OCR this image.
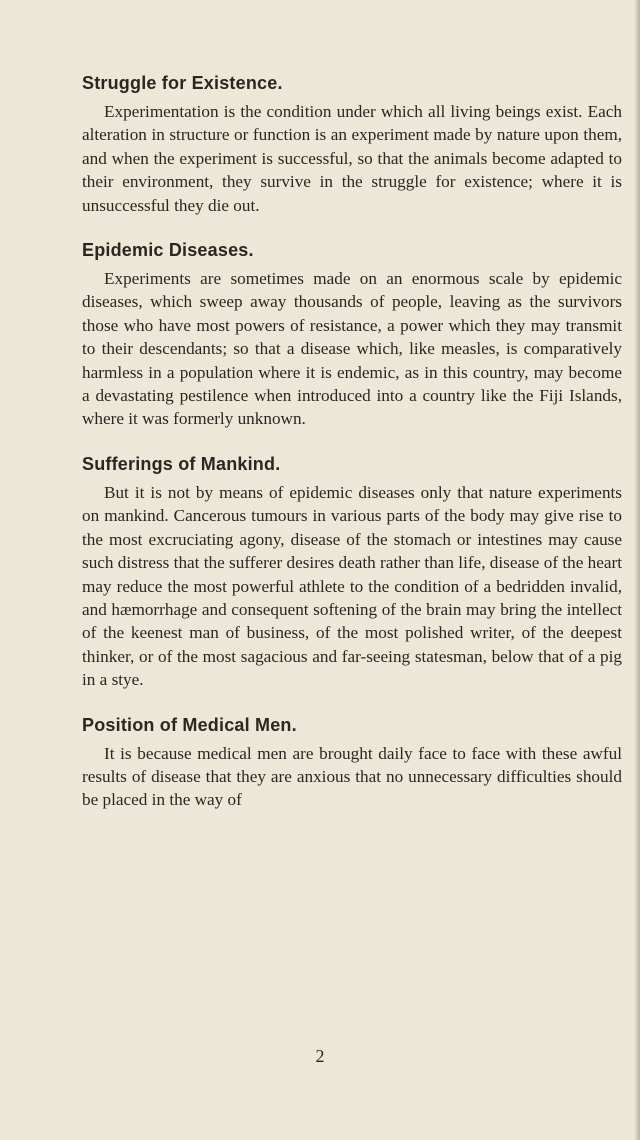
Struggle for Existence.

Experimentation is the condition under which all living beings exist. Each alteration in structure or function is an experiment made by nature upon them, and when the experiment is successful, so that the animals become adapted to their environment, they survive in the struggle for existence; where it is unsuccessful they die out.

Epidemic Diseases.

Experiments are sometimes made on an enormous scale by epidemic diseases, which sweep away thousands of people, leaving as the survivors those who have most powers of resistance, a power which they may transmit to their descendants; so that a disease which, like measles, is comparatively harmless in a population where it is endemic, as in this country, may become a devastating pestilence when introduced into a country like the Fiji Islands, where it was formerly unknown.

Sufferings of Mankind.

But it is not by means of epidemic diseases only that nature experiments on mankind. Cancerous tumours in various parts of the body may give rise to the most excruciating agony, disease of the stomach or intestines may cause such distress that the sufferer desires death rather than life, disease of the heart may reduce the most powerful athlete to the condition of a bedridden invalid, and hæmorrhage and consequent softening of the brain may bring the intellect of the keenest man of business, of the most polished writer, of the deepest thinker, or of the most sagacious and far-seeing statesman, below that of a pig in a stye.

Position of Medical Men.

It is because medical men are brought daily face to face with these awful results of disease that they are anxious that no unnecessary difficulties should be placed in the way of

2
